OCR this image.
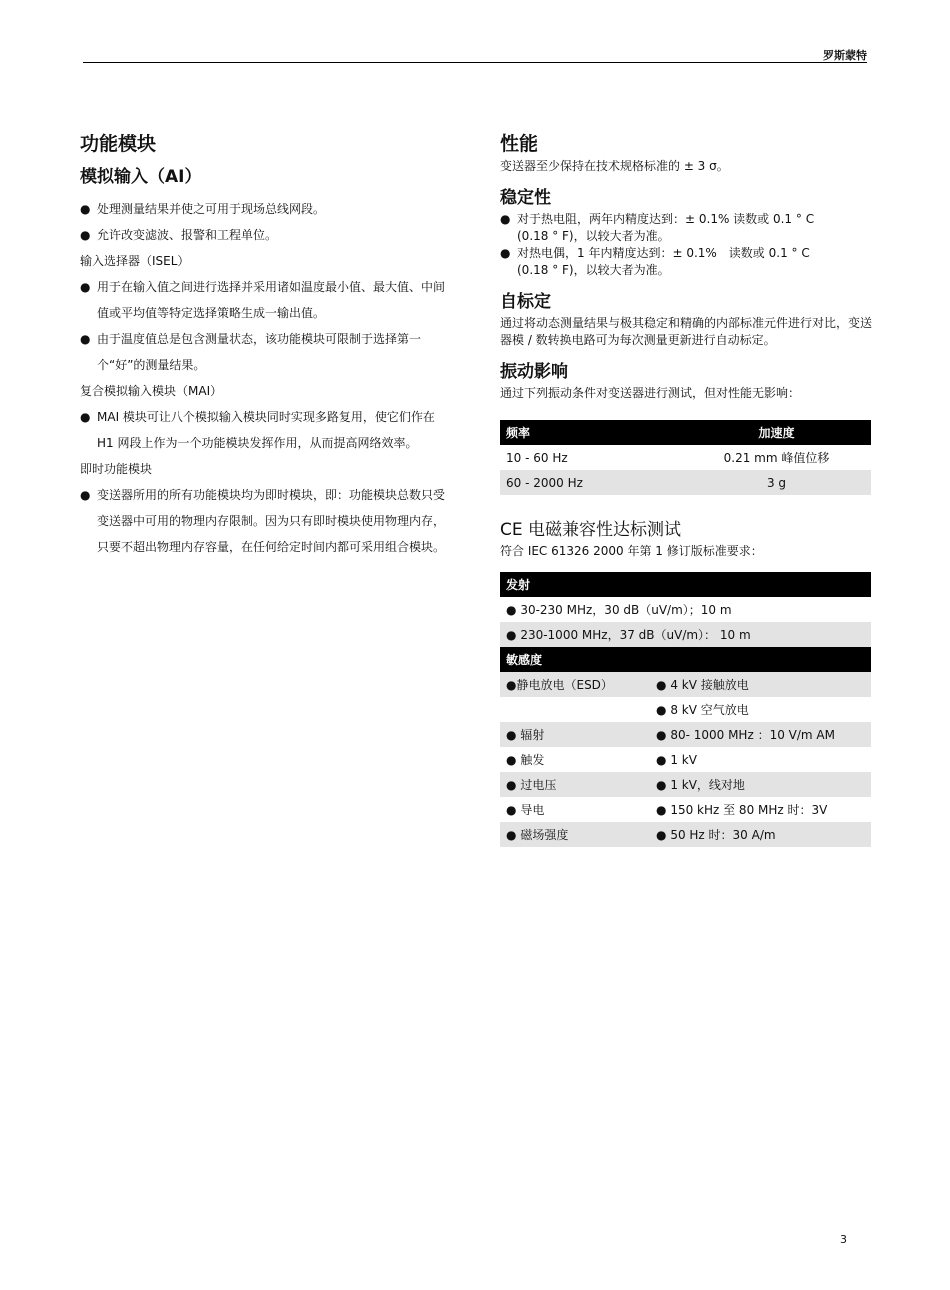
罗斯蒙特
功能模块
模拟输入（AI）
● 处理测量结果并使之可用于现场总线网段。
● 允许改变滤波、报警和工程单位。
输入选择器（ISEL）
● 用于在输入值之间进行选择并采用诸如温度最小值、最大值、中间值或平均值等特定选择策略生成一输出值。
● 由于温度值总是包含测量状态，该功能模块可限制于选择第一个“好”的测量结果。
复合模拟输入模块（MAI）
● MAI 模块可让八个模拟输入模块同时实现多路复用，使它们作在 H1 网段上作为一个功能模块发挥作用，从而提高网络效率。
即时功能模块
● 变送器所用的所有功能模块均为即时模块，即：功能模块总数只受变送器中可用的物理内存限制。因为只有即时模块使用物理内存，只要不超出物理内存容量，在任何给定时间内都可采用组合模块。
性能
变送器至少保持在技术规格标准的 ± 3 σ。
稳定性
● 对于热电阻，两年内精度达到：± 0.1% 读数或 0.1 ° C
(0.18 ° F)，以较大者为准。
● 对热电偶，1 年内精度达到：± 0.1%　读数或 0.1 ° C
(0.18 ° F)，以较大者为准。
自标定
通过将动态测量结果与极其稳定和精确的内部标准元件进行对比，变送器模 / 数转换电路可为每次测量更新进行自动标定。
振动影响
通过下列振动条件对变送器进行测试，但对性能无影响：
频率	加速度
10 - 60 Hz	0.21 mm 峰值位移
60 - 2000 Hz	3 g
CE 电磁兼容性达标测试
符合 IEC 61326 2000 年第 1 修订版标准要求：
发射	
● 30-230 MHz，30 dB（uV/m）；10 m	
● 230-1000 MHz，37 dB（uV/m）： 10 m	
敏感度	
●静电放电（ESD）	● 4 kV 接触放电
	● 8 kV 空气放电
● 辐射	● 80- 1000 MHz ：10 V/m AM
● 触发	● 1 kV
● 过电压	● 1 kV，线对地
● 导电	● 150 kHz 至 80 MHz 时：3V
● 磁场强度	● 50 Hz 时：30 A/m
3
